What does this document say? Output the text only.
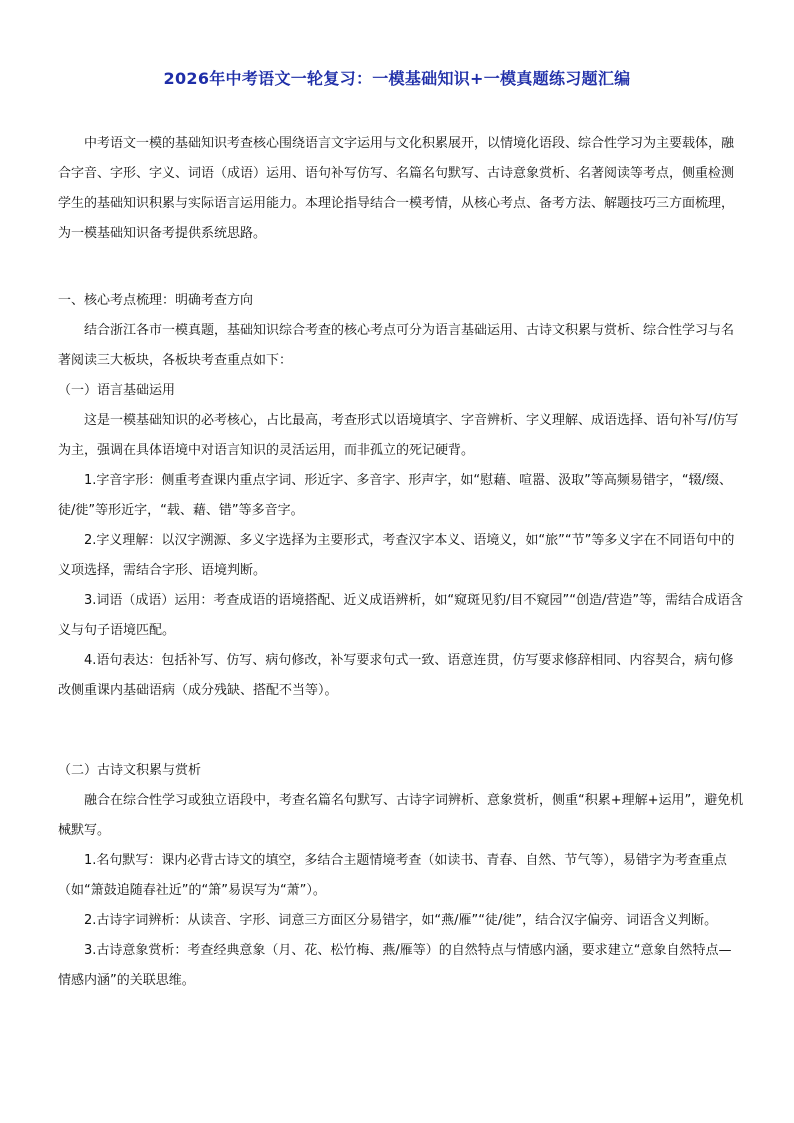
2026年中考语文一轮复习：一模基础知识+一模真题练习题汇编

中考语文一模的基础知识考查核心围绕语言文字运用与文化积累展开，以情境化语段、综合性学习为主要载体，融合字音、字形、字义、词语（成语）运用、语句补写仿写、名篇名句默写、古诗意象赏析、名著阅读等考点，侧重检测学生的基础知识积累与实际语言运用能力。本理论指导结合一模考情，从核心考点、备考方法、解题技巧三方面梳理，为一模基础知识备考提供系统思路。

一、核心考点梳理：明确考查方向

结合浙江各市一模真题，基础知识综合考查的核心考点可分为语言基础运用、古诗文积累与赏析、综合性学习与名著阅读三大板块，各板块考查重点如下：

（一）语言基础运用

这是一模基础知识的必考核心，占比最高，考查形式以语境填字、字音辨析、字义理解、成语选择、语句补写/仿写为主，强调在具体语境中对语言知识的灵活运用，而非孤立的死记硬背。

1.字音字形：侧重考查课内重点字词、形近字、多音字、形声字，如“慰藉、喧嚣、汲取”等高频易错字，“辍/缀、徒/徙”等形近字，“载、藉、错”等多音字。

2.字义理解：以汉字溯源、多义字选择为主要形式，考查汉字本义、语境义，如“旅”“节”等多义字在不同语句中的义项选择，需结合字形、语境判断。

3.词语（成语）运用：考查成语的语境搭配、近义成语辨析，如“窥斑见豹/目不窥园”“创造/营造”等，需结合成语含义与句子语境匹配。

4.语句表达：包括补写、仿写、病句修改，补写要求句式一致、语意连贯，仿写要求修辞相同、内容契合，病句修改侧重课内基础语病（成分残缺、搭配不当等）。

（二）古诗文积累与赏析

融合在综合性学习或独立语段中，考查名篇名句默写、古诗字词辨析、意象赏析，侧重“积累+理解+运用”，避免机械默写。

1.名句默写：课内必背古诗文的填空，多结合主题情境考查（如读书、青春、自然、节气等），易错字为考查重点（如“箫鼓追随春社近”的“箫”易误写为“萧”）。

2.古诗字词辨析：从读音、字形、词意三方面区分易错字，如“燕/雁”“徒/徙”，结合汉字偏旁、词语含义判断。

3.古诗意象赏析：考查经典意象（月、花、松竹梅、燕/雁等）的自然特点与情感内涵，要求建立“意象自然特点—情感内涵”的关联思维。
